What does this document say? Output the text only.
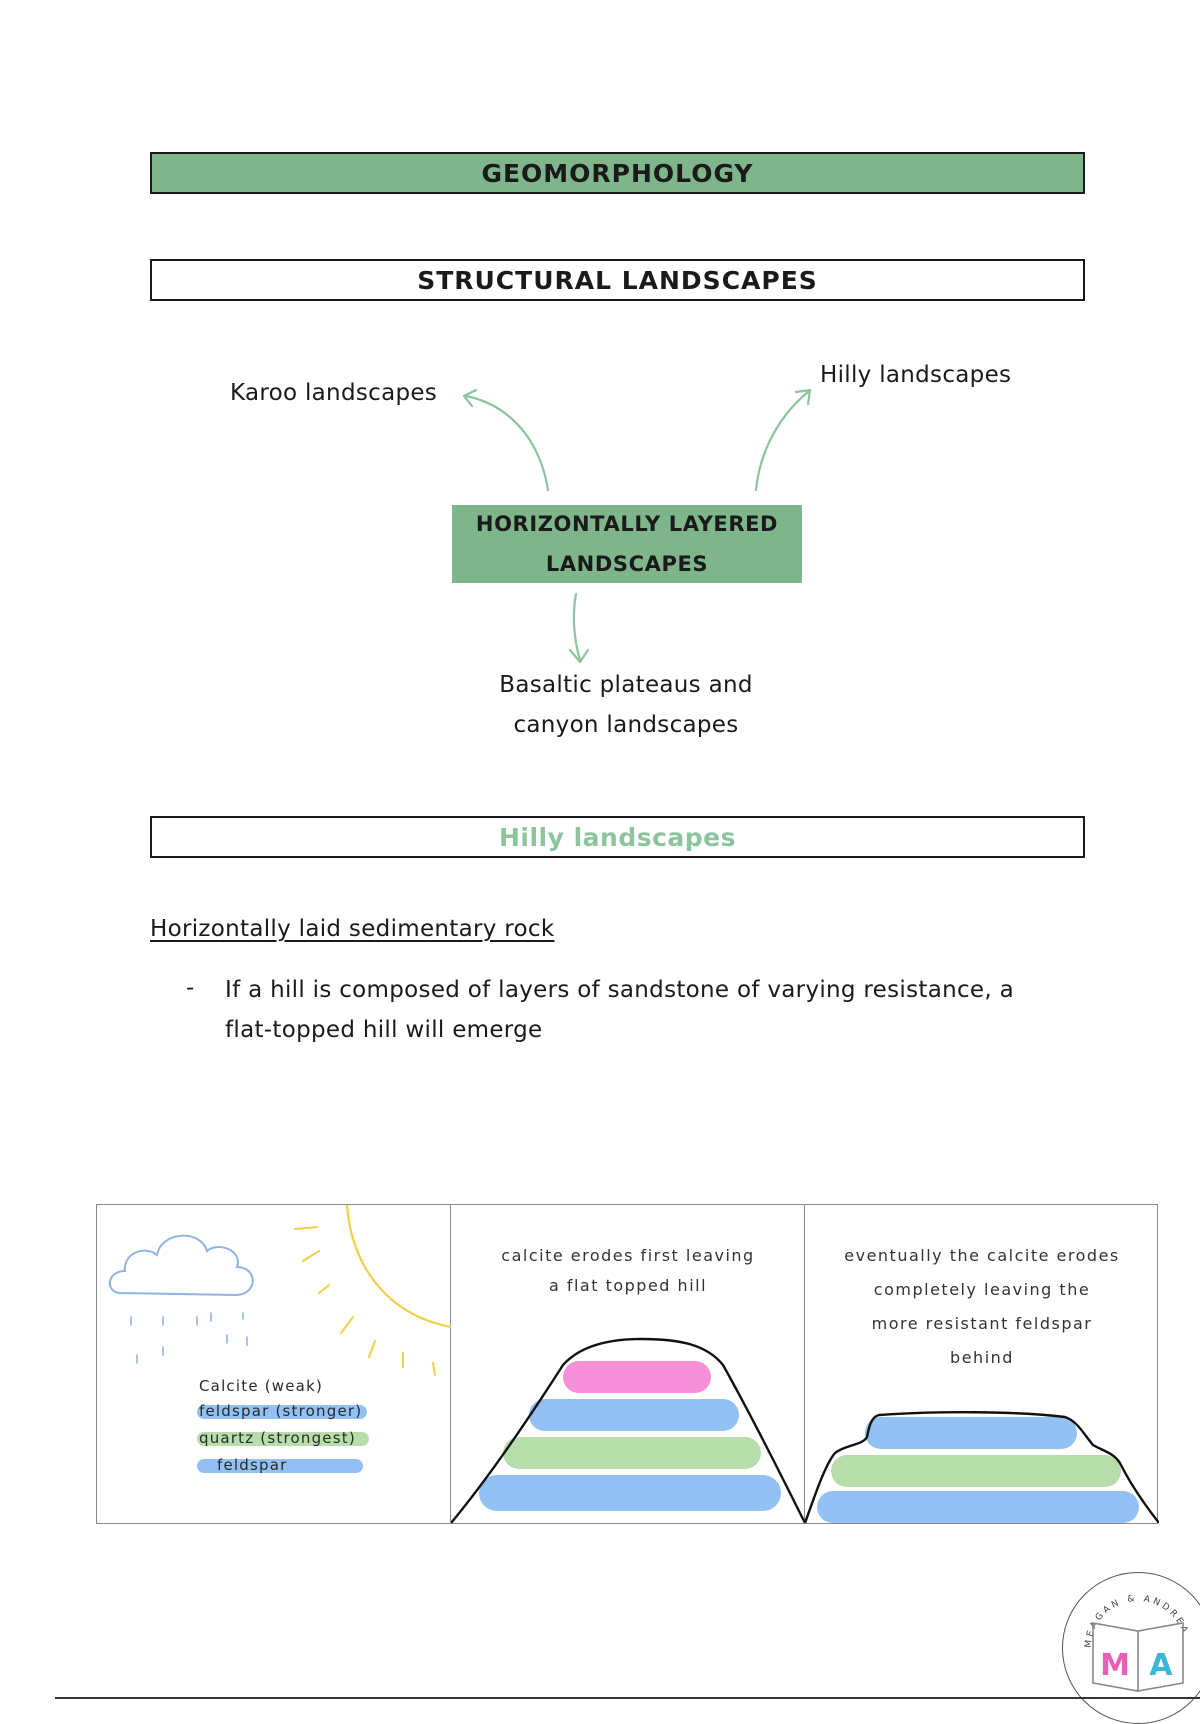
GEOMORPHOLOGY
STRUCTURAL LANDSCAPES
Karoo landscapes
Hilly landscapes
HORIZONTALLY LAYERED
LANDSCAPES
Basaltic plateaus and
canyon landscapes
Hilly landscapes
Horizontally laid sedimentary rock
- If a hill is composed of layers of sandstone of varying resistance, a
flat-topped hill will emerge
Calcite (weak)
feldspar (stronger)
quartz (strongest)
feldspar
calcite erodes first leaving
a flat topped hill
eventually the calcite erodes
completely leaving the
more resistant feldspar
behind
MEAGAN & ANDREA
M A
